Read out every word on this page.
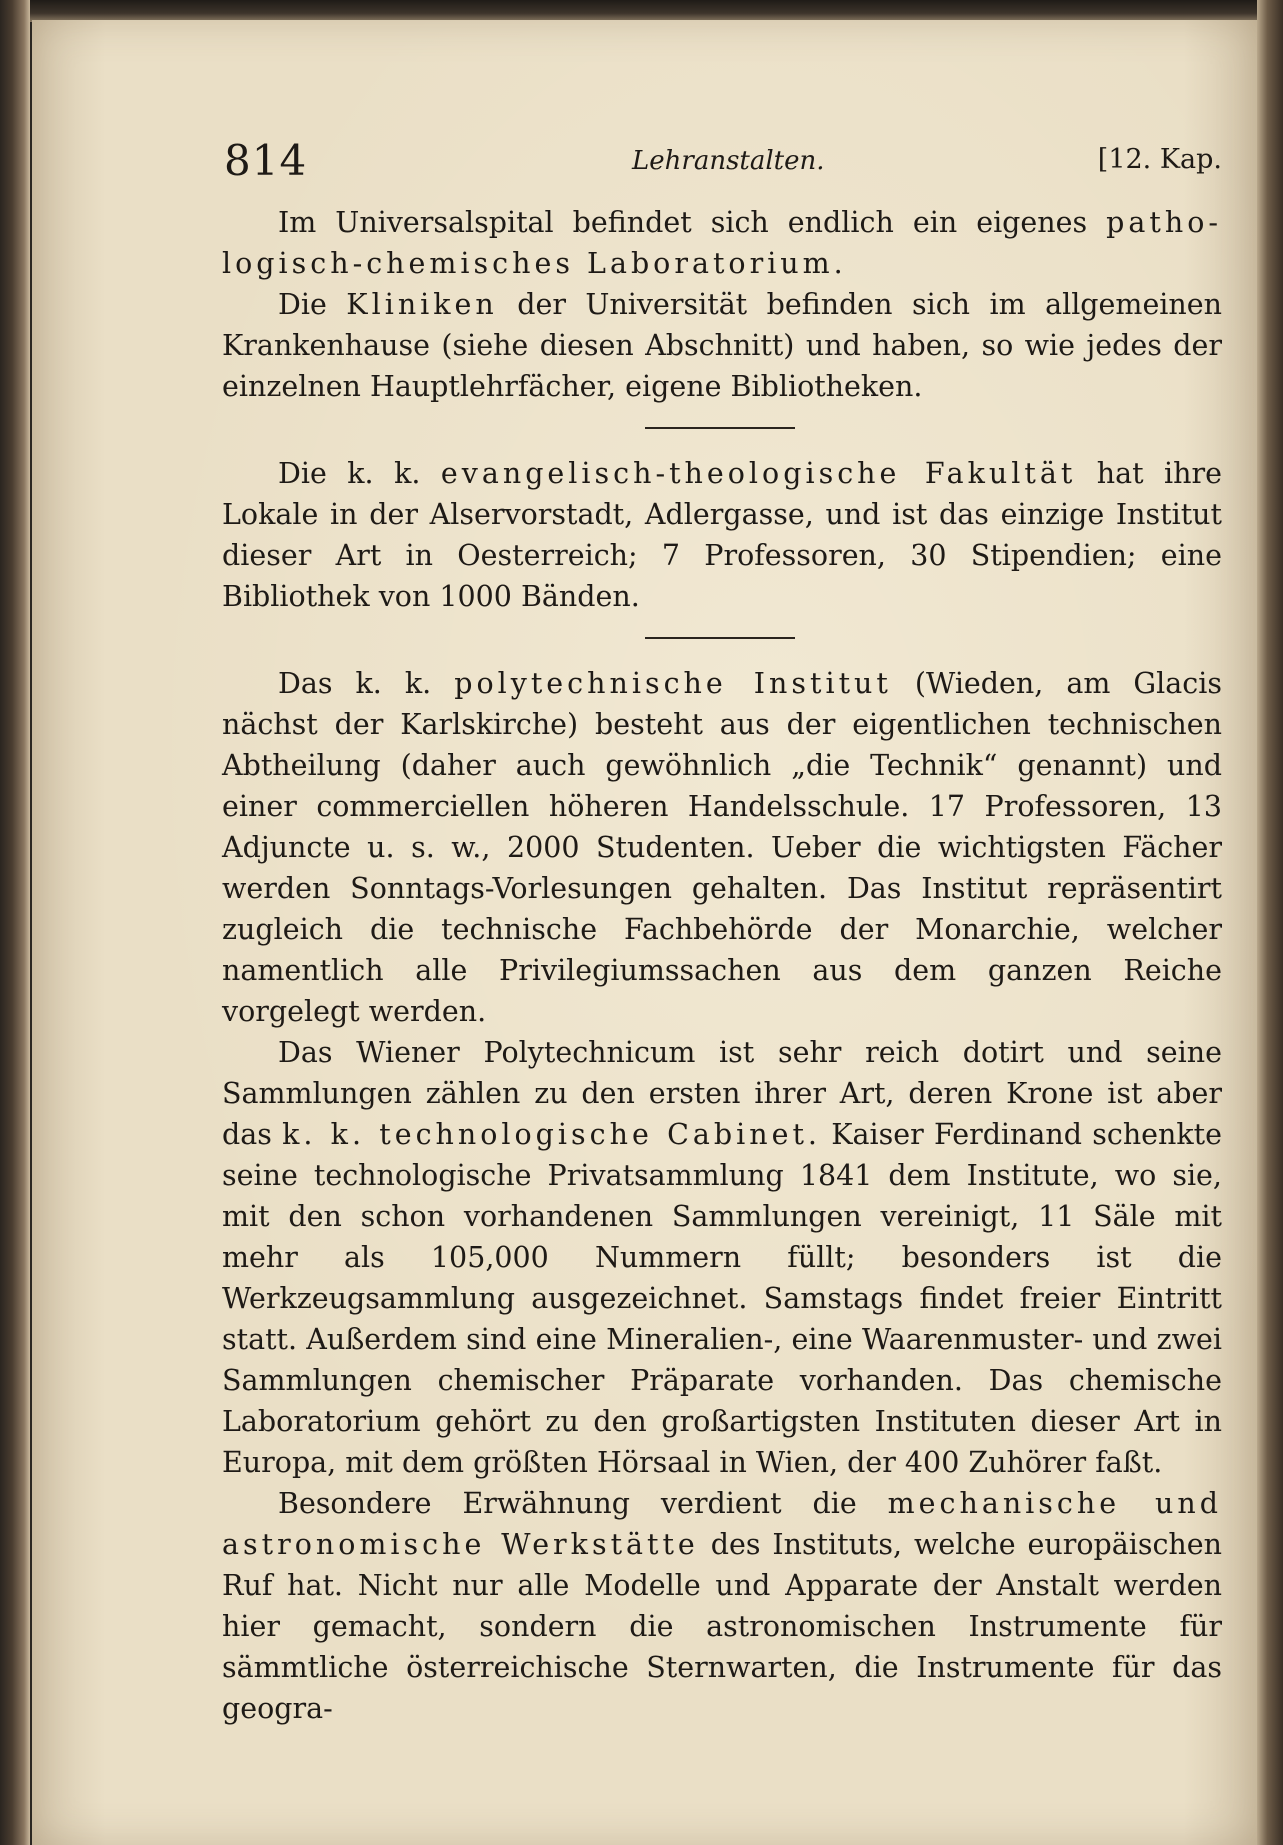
814	Lehranstalten.	[12. Kap.

Im Universalspital befindet sich endlich ein eigenes patho-logisch-chemisches Laboratorium.

Die Kliniken der Universität befinden sich im allgemeinen Krankenhause (siehe diesen Abschnitt) und haben, so wie jedes der einzelnen Hauptlehrfächer, eigene Bibliotheken.

Die k. k. evangelisch-theologische Fakultät hat ihre Lokale in der Alservorstadt, Adlergasse, und ist das einzige Institut dieser Art in Oesterreich; 7 Professoren, 30 Stipendien; eine Bibliothek von 1000 Bänden.

Das k. k. polytechnische Institut (Wieden, am Glacis nächst der Karlskirche) besteht aus der eigentlichen technischen Abtheilung (daher auch gewöhnlich „die Technik“ genannt) und einer commerciellen höheren Handelsschule. 17 Professoren, 13 Adjuncte u. s. w., 2000 Studenten. Ueber die wichtigsten Fächer werden Sonntags-Vorlesungen gehalten. Das Institut repräsentirt zugleich die technische Fachbehörde der Monarchie, welcher namentlich alle Privilegiumssachen aus dem ganzen Reiche vorgelegt werden.

Das Wiener Polytechnicum ist sehr reich dotirt und seine Sammlungen zählen zu den ersten ihrer Art, deren Krone ist aber das k. k. technologische Cabinet. Kaiser Ferdinand schenkte seine technologische Privatsammlung 1841 dem Institute, wo sie, mit den schon vorhandenen Sammlungen vereinigt, 11 Säle mit mehr als 105,000 Nummern füllt; besonders ist die Werkzeugsammlung ausgezeichnet. Samstags findet freier Eintritt statt. Außerdem sind eine Mineralien-, eine Waarenmuster- und zwei Sammlungen chemischer Präparate vorhanden. Das chemische Laboratorium gehört zu den großartigsten Instituten dieser Art in Europa, mit dem größten Hörsaal in Wien, der 400 Zuhörer faßt.

Besondere Erwähnung verdient die mechanische und astronomische Werkstätte des Instituts, welche europäischen Ruf hat. Nicht nur alle Modelle und Apparate der Anstalt werden hier gemacht, sondern die astronomischen Instrumente für sämmtliche österreichische Sternwarten, die Instrumente für das geogra-
